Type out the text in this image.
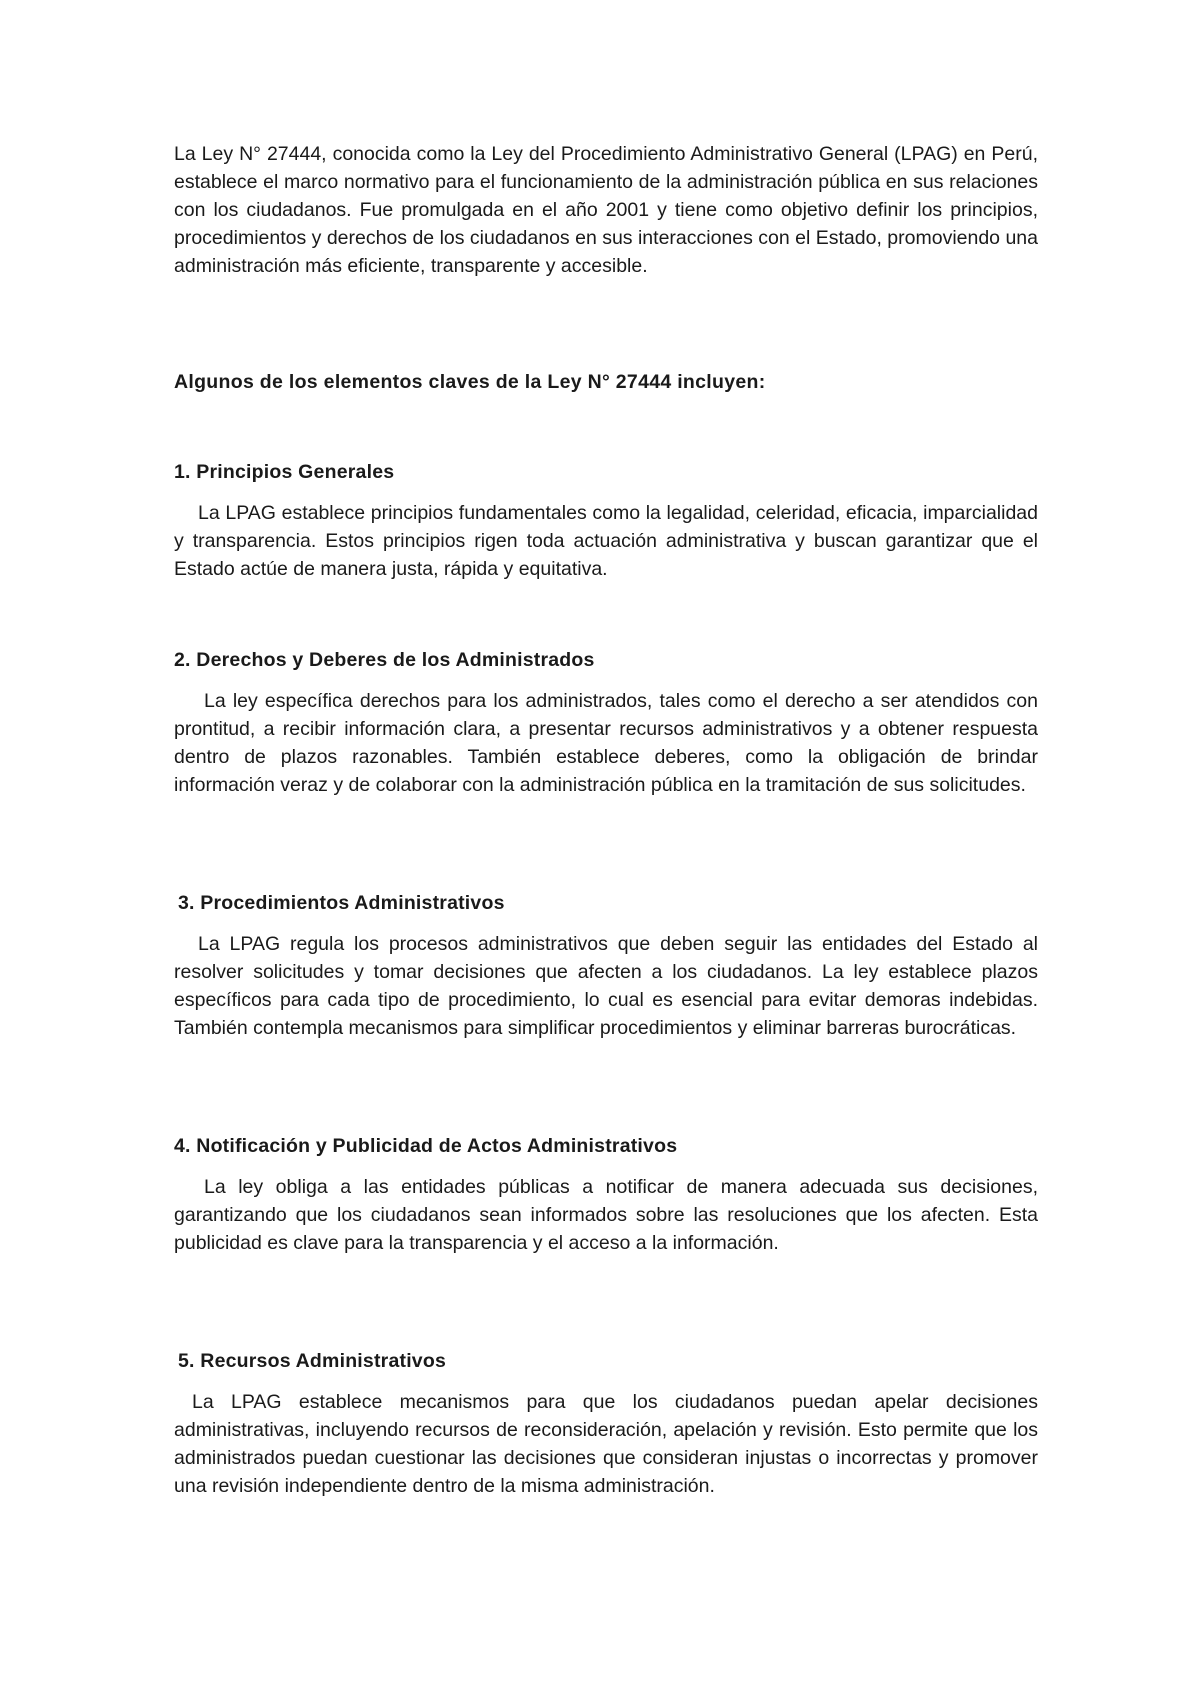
La Ley N° 27444, conocida como la Ley del Procedimiento Administrativo General (LPAG) en Perú, establece el marco normativo para el funcionamiento de la administración pública en sus relaciones con los ciudadanos. Fue promulgada en el año 2001 y tiene como objetivo definir los principios, procedimientos y derechos de los ciudadanos en sus interacciones con el Estado, promoviendo una administración más eficiente, transparente y accesible.

Algunos de los elementos claves de la Ley N° 27444 incluyen:

1. Principios Generales

La LPAG establece principios fundamentales como la legalidad, celeridad, eficacia, imparcialidad y transparencia. Estos principios rigen toda actuación administrativa y buscan garantizar que el Estado actúe de manera justa, rápida y equitativa.

2. Derechos y Deberes de los Administrados

La ley específica derechos para los administrados, tales como el derecho a ser atendidos con prontitud, a recibir información clara, a presentar recursos administrativos y a obtener respuesta dentro de plazos razonables. También establece deberes, como la obligación de brindar información veraz y de colaborar con la administración pública en la tramitación de sus solicitudes.

3. Procedimientos Administrativos

La LPAG regula los procesos administrativos que deben seguir las entidades del Estado al resolver solicitudes y tomar decisiones que afecten a los ciudadanos. La ley establece plazos específicos para cada tipo de procedimiento, lo cual es esencial para evitar demoras indebidas. También contempla mecanismos para simplificar procedimientos y eliminar barreras burocráticas.

4. Notificación y Publicidad de Actos Administrativos

La ley obliga a las entidades públicas a notificar de manera adecuada sus decisiones, garantizando que los ciudadanos sean informados sobre las resoluciones que los afecten. Esta publicidad es clave para la transparencia y el acceso a la información.

5. Recursos Administrativos

La LPAG establece mecanismos para que los ciudadanos puedan apelar decisiones administrativas, incluyendo recursos de reconsideración, apelación y revisión. Esto permite que los administrados puedan cuestionar las decisiones que consideran injustas o incorrectas y promover una revisión independiente dentro de la misma administración.
